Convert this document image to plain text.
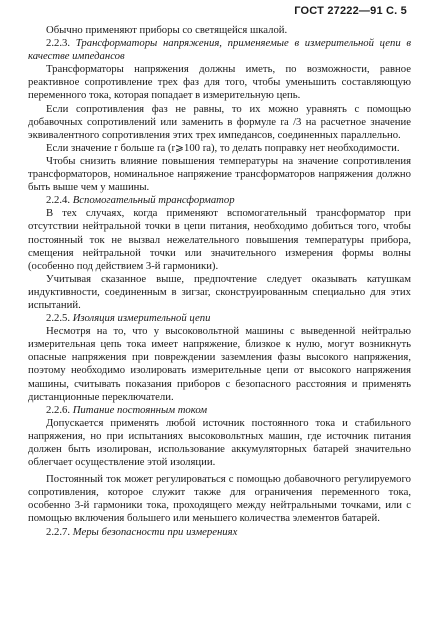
ГОСТ 27222—91 С. 5

Обычно применяют приборы со светящейся шкалой.

2.2.3. Трансформаторы напряжения, применяемые в измерительной цепи в качестве импедансов

Трансформаторы напряжения должны иметь, по возможности, равное реактивное сопротивление трех фаз для того, чтобы уменьшить составляющую переменного тока, которая попадает в измерительную цепь.

Если сопротивления фаз не равны, то их можно уравнять с помощью добавочных сопротивлений или заменить в формуле rа /3 на расчетное значение эквивалентного сопротивления этих трех импедансов, соединенных параллельно.

Если значение r больше rа (r⩾100 rа), то делать поправку нет необходимости.

Чтобы снизить влияние повышения температуры на значение сопротивления трансформаторов, номинальное напряжение трансформаторов напряжения должно быть выше чем у машины.

2.2.4. Вспомогательный трансформатор

В тех случаях, когда применяют вспомогательный трансформатор при отсутствии нейтральной точки в цепи питания, необходимо добиться того, чтобы постоянный ток не вызвал нежелательного повышения температуры прибора, смещения нейтральной точки или значительного измерения формы волны (особенно под действием 3-й гармоники).

Учитывая сказанное выше, предпочтение следует оказывать катушкам индуктивности, соединенным в зигзаг, сконструированным специально для этих испытаний.

2.2.5. Изоляция измерительной цепи

Несмотря на то, что у высоковольтной машины с выведенной нейтралью измерительная цепь тока имеет напряжение, близкое к нулю, могут возникнуть опасные напряжения при повреждении заземления фазы высокого напряжения, поэтому необходимо изолировать измерительные цепи от высокого напряжения машины, считывать показания приборов с безопасного расстояния и применять дистанционные переключатели.

2.2.6. Питание постоянным током

Допускается применять любой источник постоянного тока и стабильного напряжения, но при испытаниях высоковольтных машин, где источник питания должен быть изолирован, использование аккумуляторных батарей значительно облегчает осуществление этой изоляции.

Постоянный ток может регулироваться с помощью добавочного регулируемого сопротивления, которое служит также для ограничения переменного тока, особенно 3-й гармоники тока, проходящего между нейтральными точками, или с помощью включения большего или меньшего количества элементов батарей.

2.2.7. Меры безопасности при измерениях
